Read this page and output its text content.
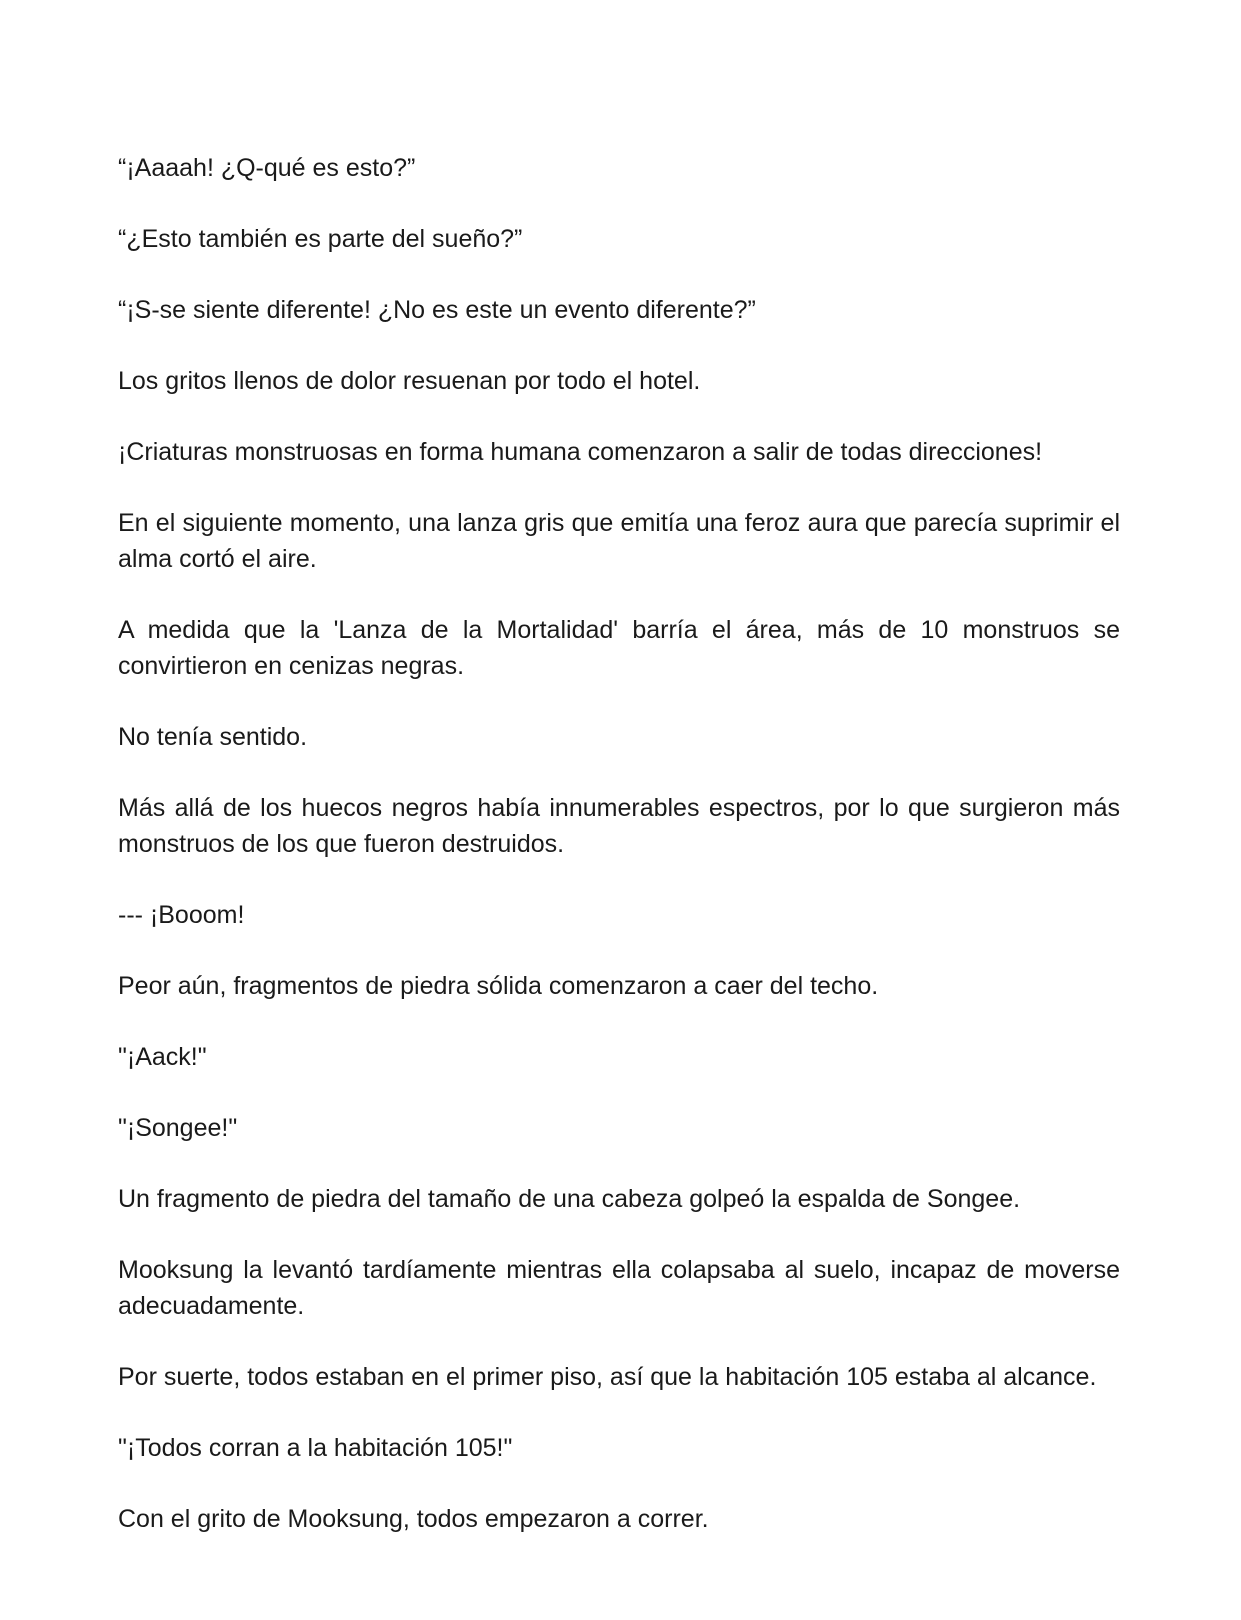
“¡Aaaah! ¿Q-qué es esto?”

“¿Esto también es parte del sueño?”

“¡S-se siente diferente! ¿No es este un evento diferente?”

Los gritos llenos de dolor resuenan por todo el hotel.

¡Criaturas monstruosas en forma humana comenzaron a salir de todas direcciones!

En el siguiente momento, una lanza gris que emitía una feroz aura que parecía suprimir el alma cortó el aire.

A medida que la 'Lanza de la Mortalidad' barría el área, más de 10 monstruos se convirtieron en cenizas negras.

No tenía sentido.

Más allá de los huecos negros había innumerables espectros, por lo que surgieron más monstruos de los que fueron destruidos.

--- ¡Booom!

Peor aún, fragmentos de piedra sólida comenzaron a caer del techo.

"¡Aack!"

"¡Songee!"

Un fragmento de piedra del tamaño de una cabeza golpeó la espalda de Songee.

Mooksung la levantó tardíamente mientras ella colapsaba al suelo, incapaz de moverse adecuadamente.

Por suerte, todos estaban en el primer piso, así que la habitación 105 estaba al alcance.

"¡Todos corran a la habitación 105!"

Con el grito de Mooksung, todos empezaron a correr.
